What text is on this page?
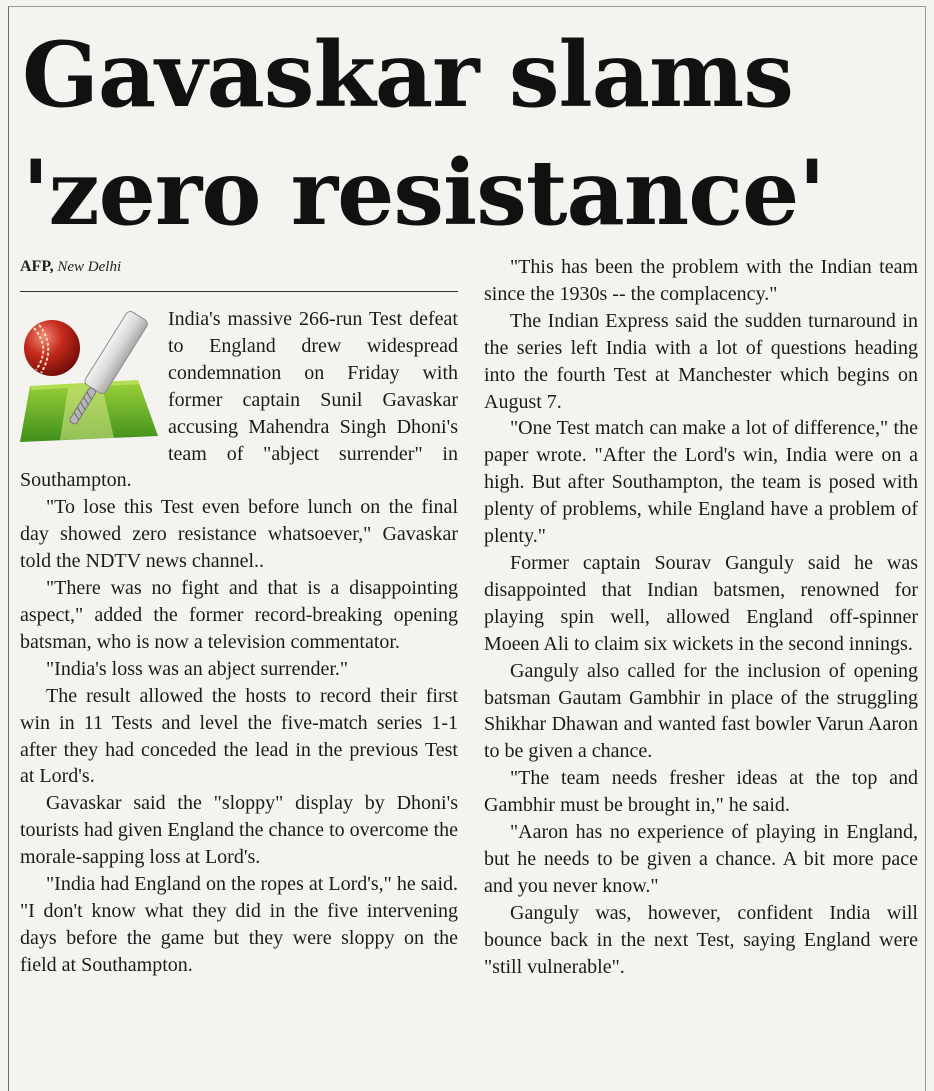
Gavaskar slams
'zero resistance'
AFP, New Delhi

India's massive 266-run Test defeat to England drew widespread condemnation on Friday with former captain Sunil Gavaskar accusing Mahendra Singh Dhoni's team of "abject surrender" in Southampton.

"To lose this Test even before lunch on the final day showed zero resistance whatsoever," Gavaskar told the NDTV news channel..

"There was no fight and that is a disappointing aspect," added the former record-breaking opening batsman, who is now a television commentator.

"India's loss was an abject surrender."

The result allowed the hosts to record their first win in 11 Tests and level the five-match series 1-1 after they had conceded the lead in the previous Test at Lord's.

Gavaskar said the "sloppy" display by Dhoni's tourists had given England the chance to overcome the morale-sapping loss at Lord's.

"India had England on the ropes at Lord's," he said. "I don't know what they did in the five intervening days before the game but they were sloppy on the field at Southampton.

"This has been the problem with the Indian team since the 1930s -- the complacency."

The Indian Express said the sudden turnaround in the series left India with a lot of questions heading into the fourth Test at Manchester which begins on August 7.

"One Test match can make a lot of difference," the paper wrote. "After the Lord's win, India were on a high. But after Southampton, the team is posed with plenty of problems, while England have a problem of plenty."

Former captain Sourav Ganguly said he was disappointed that Indian batsmen, renowned for playing spin well, allowed England off-spinner Moeen Ali to claim six wickets in the second innings.

Ganguly also called for the inclusion of opening batsman Gautam Gambhir in place of the struggling Shikhar Dhawan and wanted fast bowler Varun Aaron to be given a chance.

"The team needs fresher ideas at the top and Gambhir must be brought in," he said.

"Aaron has no experience of playing in England, but he needs to be given a chance. A bit more pace and you never know."

Ganguly was, however, confident India will bounce back in the next Test, saying England were "still vulnerable".
